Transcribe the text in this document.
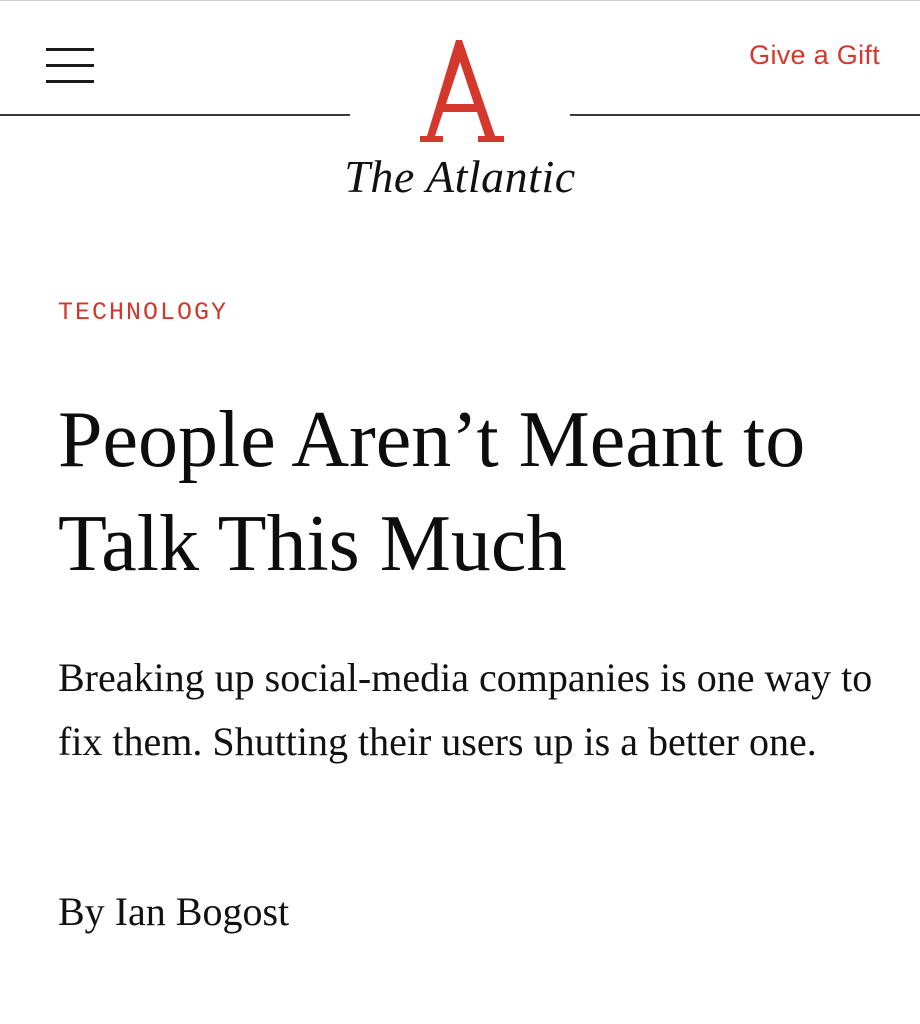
Give a Gift
The Atlantic
TECHNOLOGY
People Aren’t Meant to Talk This Much

Breaking up social-media companies is one way to fix them. Shutting their users up is a better one.

By Ian Bogost
